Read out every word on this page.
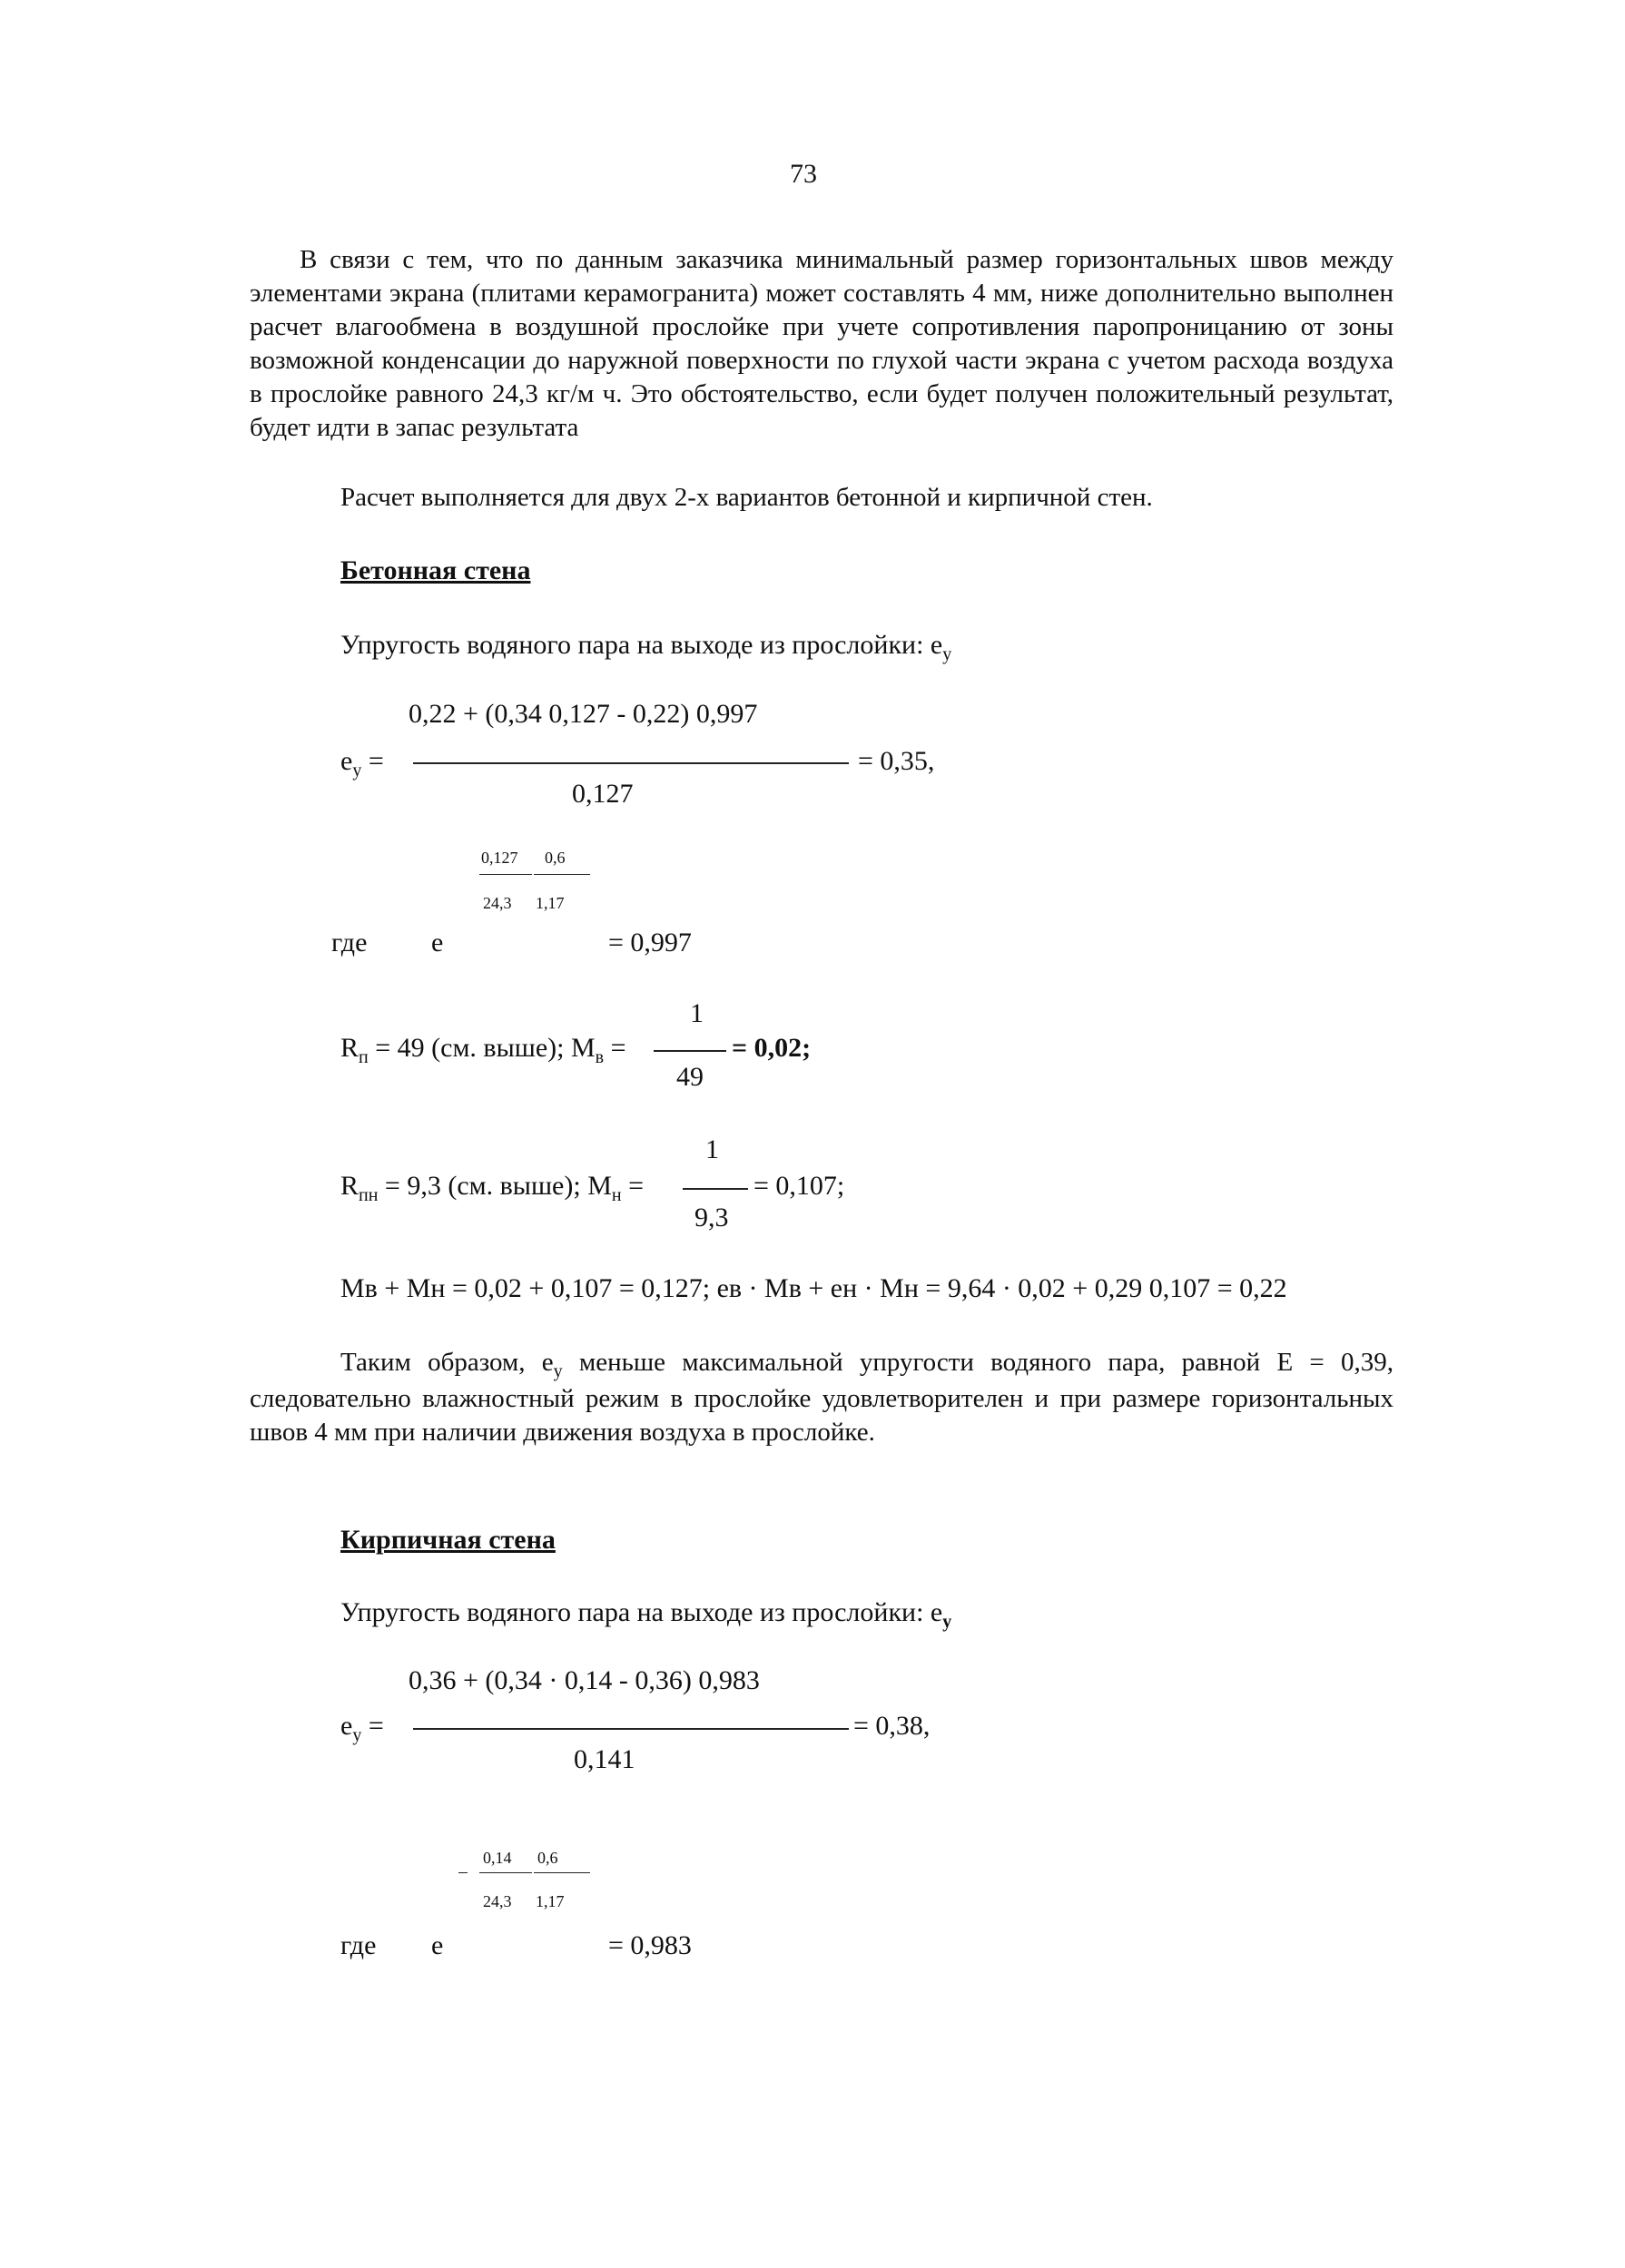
73
В связи с тем, что по данным заказчика минимальный размер горизонтальных швов между элементами экрана (плитами керамогранита) может составлять 4 мм, ниже дополнительно выполнен расчет влагообмена в воздушной прослойке при учете сопротивления паропроницанию от зоны возможной конденсации до наружной поверхности по глухой части экрана с учетом расхода воздуха в прослойке равного 24,3 кг/м ч. Это обстоятельство, если будет получен положительный результат, будет идти в запас результата
Расчет выполняется для двух 2-х вариантов бетонной и кирпичной стен.
Бетонная стена
Упругость водяного пара на выходе из прослойки: $e_y$
0,22 + (0,34 0,127 - 0,22) 0,997
$e_y$ =	= 0,35,
0,127
0,127 0,6
24,3 1,17
где e	= 0,997
1
$R_п = 49$ (см. выше); $M_в$ =	= 0,02;
49
1
$R_{пн} = 9,3$ (см. выше); $M_н$ =	= 0,107;
9,3
Mв + Mн = 0,02 + 0,107 = 0,127; eв · Mв + eн · Mн = 9,64 · 0,02 + 0,29 0,107 = 0,22
Таким образом, $e_y$ меньше максимальной упругости водяного пара, равной E = 0,39, следовательно влажностный режим в прослойке удовлетворителен и при размере горизонтальных швов 4 мм при наличии движения воздуха в прослойке.
Кирпичная стена
Упругость водяного пара на выходе из прослойки: $e_y$
0,36 + (0,34 · 0,14 - 0,36) 0,983
$e_y$ =	= 0,38,
0,141
0,14 0,6
24,3 1,17
где e	= 0,983
